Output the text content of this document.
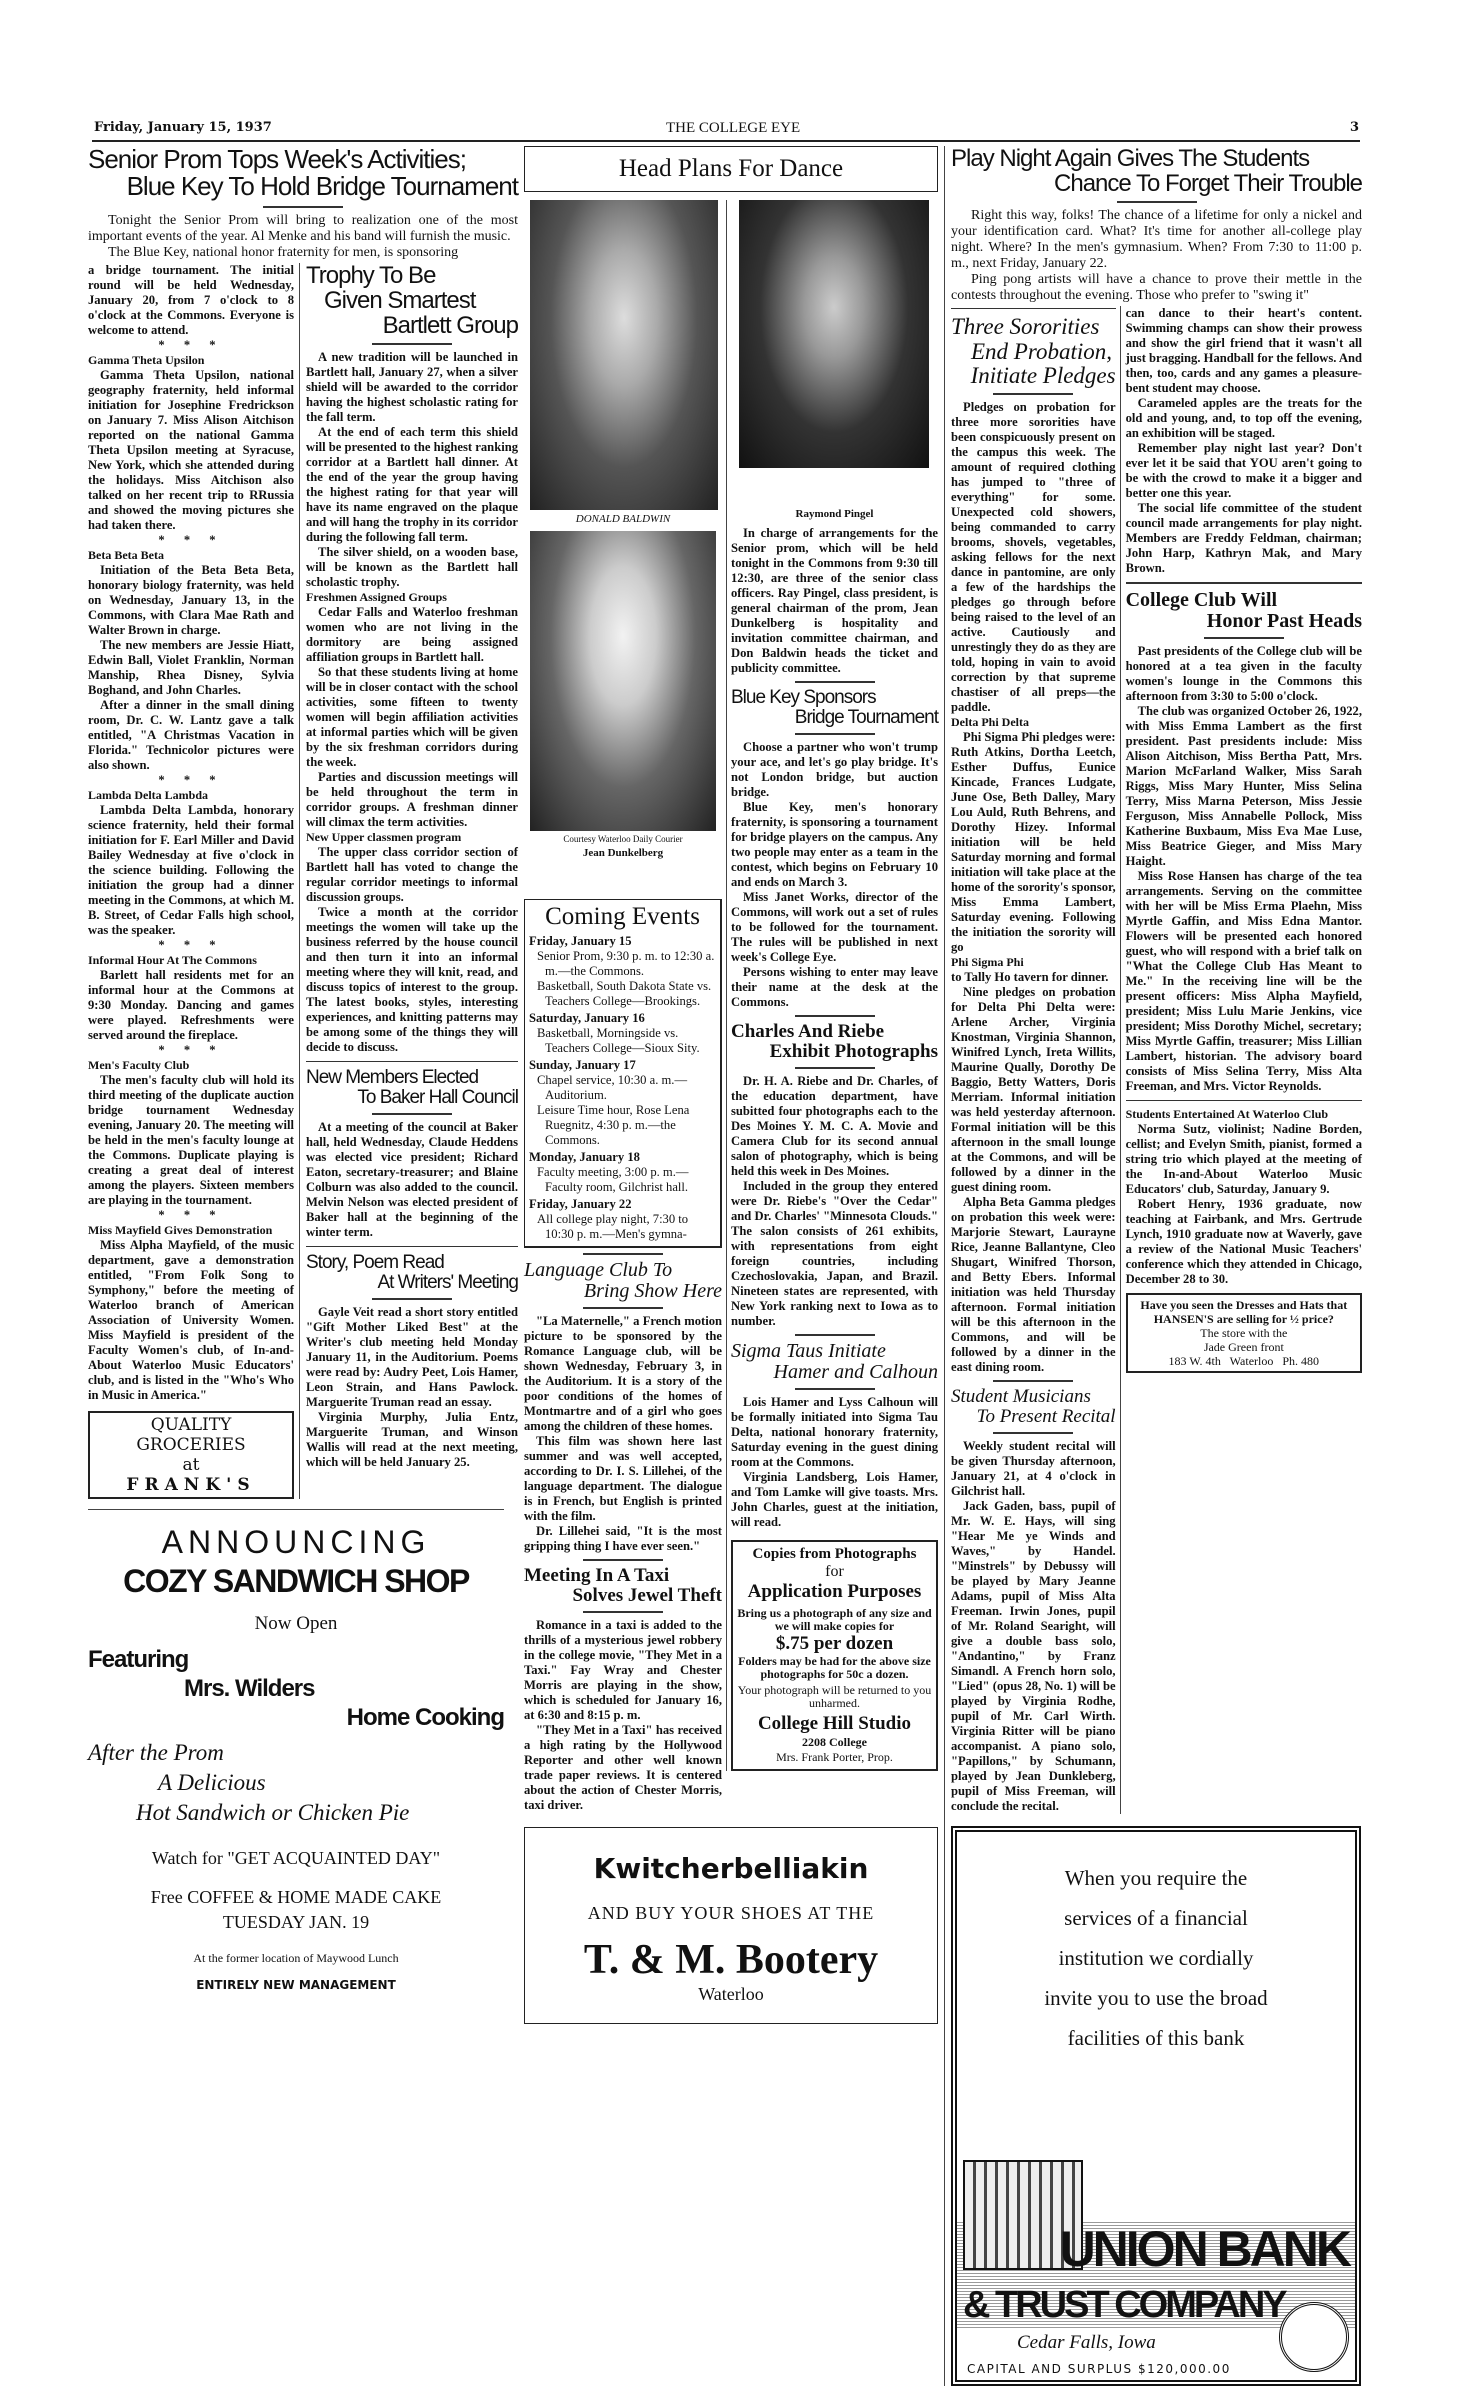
Friday, January 15, 1937	THE COLLEGE EYE	3
Senior Prom Tops Week's Activities;
Blue Key To Hold Bridge Tournament

Tonight the Senior Prom will bring to realization one of the most important events of the year. Al Menke and his band will furnish the music.

The Blue Key, national honor fraternity for men, is sponsoring

a bridge tournament. The initial round will be held Wednesday, January 20, from 7 o'clock to 8 o'clock at the Commons. Everyone is welcome to attend.

* * *

Gamma Theta Upsilon

Gamma Theta Upsilon, national geography fraternity, held informal initiation for Josephine Fredrickson on January 7. Miss Alison Aitchison reported on the national Gamma Theta Upsilon meeting at Syracuse, New York, which she attended during the holidays. Miss Aitchison also talked on her recent trip to RRussia and showed the moving pictures she had taken there.

* * *

Beta Beta Beta

Initiation of the Beta Beta Beta, honorary biology fraternity, was held on Wednesday, January 13, in the Commons, with Clara Mae Rath and Walter Brown in charge.

The new members are Jessie Hiatt, Edwin Ball, Violet Franklin, Norman Manship, Rhea Disney, Sylvia Boghand, and John Charles.

After a dinner in the small dining room, Dr. C. W. Lantz gave a talk entitled, "A Christmas Vacation in Florida." Technicolor pictures were also shown.

* * *

Lambda Delta Lambda

Lambda Delta Lambda, honorary science fraternity, held their formal initiation for F. Earl Miller and David Bailey Wednesday at five o'clock in the science building. Following the initiation the group had a dinner meeting in the Commons, at which M. B. Street, of Cedar Falls high school, was the speaker.

* * *

Informal Hour At The Commons

Barlett hall residents met for an informal hour at the Commons at 9:30 Monday. Dancing and games were played. Refreshments were served around the fireplace.

* * *

Men's Faculty Club

The men's faculty club will hold its third meeting of the duplicate auction bridge tournament Wednesday evening, January 20. The meeting will be held in the men's faculty lounge at the Commons. Duplicate playing is creating a great deal of interest among the players. Sixteen members are playing in the tournament.

* * *

Miss Mayfield Gives Demonstration

Miss Alpha Mayfield, of the music department, gave a demonstration entitled, "From Folk Song to Symphony," before the meeting of Waterloo branch of American Association of University Women. Miss Mayfield is president of the Faculty Women's club, of In-and-About Waterloo Music Educators' club, and is listed in the "Who's Who in Music in America."

QUALITY
GROCERIES
at
FRANK'S
Trophy To Be
Given Smartest
Bartlett Group

A new tradition will be launched in Bartlett hall, January 27, when a silver shield will be awarded to the corridor having the highest scholastic rating for the fall term.

At the end of each term this shield will be presented to the highest ranking corridor at a Bartlett hall dinner. At the end of the year the group having the highest rating for that year will have its name engraved on the plaque and will hang the trophy in its corridor during the following fall term.

The silver shield, on a wooden base, will be known as the Bartlett hall scholastic trophy.

Freshmen Assigned Groups

Cedar Falls and Waterloo freshman women who are not living in the dormitory are being assigned affiliation groups in Bartlett hall.

So that these students living at home will be in closer contact with the school activities, some fifteen to twenty women will begin affiliation activities at informal parties which will be given by the six freshman corridors during the week.

Parties and discussion meetings will be held throughout the term in corridor groups. A freshman dinner will climax the term activities.

New Upper classmen program

The upper class corridor section of Bartlett hall has voted to change the regular corridor meetings to informal discussion groups.

Twice a month at the corridor meetings the women will take up the business referred by the house council and then turn it into an informal meeting where they will knit, read, and discuss topics of interest to the group. The latest books, styles, interesting experiences, and knitting patterns may be among some of the things they will decide to discuss.

New Members Elected
To Baker Hall Council

At a meeting of the council at Baker hall, held Wednesday, Claude Heddens was elected vice president; Richard Eaton, secretary-treasurer; and Blaine Colburn was also added to the council. Melvin Nelson was elected president of Baker hall at the beginning of the winter term.

Story, Poem Read
At Writers' Meeting

Gayle Veit read a short story entitled "Gift Mother Liked Best" at the Writer's club meeting held Monday January 11, in the Auditorium. Poems were read by: Audry Peet, Lois Hamer, Leon Strain, and Hans Pawlock. Marguerite Truman read an essay.

Virginia Murphy, Julia Entz, Marguerite Truman, and Winson Wallis will read at the next meeting, which will be held January 25.

ANNOUNCING
COZY SANDWICH SHOP
Now Open
Featuring
Mrs. Wilders
Home Cooking
After the Prom
A Delicious
Hot Sandwich or Chicken Pie
Watch for "GET ACQUAINTED DAY"
Free COFFEE & HOME MADE CAKE
TUESDAY JAN. 19
At the former location of Maywood Lunch
ENTIRELY NEW MANAGEMENT
Head Plans For Dance
DONALD BALDWIN
Courtesy Waterloo Daily Courier
Jean Dunkelberg
Coming Events
Friday, January 15
Senior Prom, 9:30 p. m. to 12:30 a. m.—the Commons.
Basketball, South Dakota State vs. Teachers College—Brookings.
Saturday, January 16
Basketball, Morningside vs. Teachers College—Sioux Sity.
Sunday, January 17
Chapel service, 10:30 a. m.—Auditorium.
Leisure Time hour, Rose Lena Ruegnitz, 4:30 p. m.—the Commons.
Monday, January 18
Faculty meeting, 3:00 p. m.—Faculty room, Gilchrist hall.
Friday, January 22
All college play night, 7:30 to 10:30 p. m.—Men's gymna-
Language Club To
Bring Show Here

"La Maternelle," a French motion picture to be sponsored by the Romance Language club, will be shown Wednesday, February 3, in the Auditorium. It is a story of the poor conditions of the homes of Montmartre and of a girl who goes among the children of these homes.

This film was shown here last summer and was well accepted, according to Dr. I. S. Lillehei, of the language department. The dialogue is in French, but English is printed with the film.

Dr. Lillehei said, "It is the most gripping thing I have ever seen."

Meeting In A Taxi
Solves Jewel Theft

Romance in a taxi is added to the thrills of a mysterious jewel robbery in the college movie, "They Met in a Taxi." Fay Wray and Chester Morris are playing in the show, which is scheduled for January 16, at 6:30 and 8:15 p. m.

"They Met in a Taxi" has received a high rating by the Hollywood Reporter and other well known trade paper reviews. It is centered about the action of Chester Morris, taxi driver.

Raymond Pingel

In charge of arrangements for the Senior prom, which will be held tonight in the Commons from 9:30 till 12:30, are three of the senior class officers. Ray Pingel, class president, is general chairman of the prom, Jean Dunkelberg is hospitality and invitation committee chairman, and Don Baldwin heads the ticket and publicity committee.

Blue Key Sponsors
Bridge Tournament

Choose a partner who won't trump your ace, and let's go play bridge. It's not London bridge, but auction bridge.

Blue Key, men's honorary fraternity, is sponsoring a tournament for bridge players on the campus. Any two people may enter as a team in the contest, which begins on February 10 and ends on March 3.

Miss Janet Works, director of the Commons, will work out a set of rules to be followed for the tournament. The rules will be published in next week's College Eye.

Persons wishing to enter may leave their name at the desk at the Commons.

Charles And Riebe
Exhibit Photographs

Dr. H. A. Riebe and Dr. Charles, of the education department, have subitted four photographs each to the Des Moines Y. M. C. A. Movie and Camera Club for its second annual salon of photography, which is being held this week in Des Moines.

Included in the group they entered were Dr. Riebe's "Over the Cedar" and Dr. Charles' "Minnesota Clouds." The salon consists of 261 exhibits, with representations from eight foreign countries, including Czechoslovakia, Japan, and Brazil. Nineteen states are represented, with New York ranking next to Iowa as to number.

Sigma Taus Initiate
Hamer and Calhoun

Lois Hamer and Lyss Calhoun will be formally initiated into Sigma Tau Delta, national honorary fraternity, Saturday evening in the guest dining room at the Commons.

Virginia Landsberg, Lois Hamer, and Tom Lamke will give toasts. Mrs. John Charles, guest at the initiation, will read.

Copies from Photographs
for
Application Purposes
Bring us a photograph of any size and we will make copies for
$.75 per dozen
Folders may be had for the above size photographs for 50c a dozen.
Your photograph will be returned to you unharmed.
College Hill Studio
2208 College
Mrs. Frank Porter, Prop.
Kwitcherbelliakin
AND BUY YOUR SHOES AT THE
T. & M. Bootery
Waterloo
Play Night Again Gives The Students
Chance To Forget Their Trouble

Right this way, folks! The chance of a lifetime for only a nickel and your identification card. What? It's time for another all-college play night. Where? In the men's gymnasium. When? From 7:30 to 11:00 p. m., next Friday, January 22.

Ping pong artists will have a chance to prove their mettle in the contests throughout the evening. Those who prefer to "swing it"

Three Sororities
End Probation,
Initiate Pledges

Pledges on probation for three more sororities have been conspicuously present on the campus this week. The amount of required clothing has jumped to "three of everything" for some. Unexpected cold showers, being commanded to carry brooms, shovels, vegetables, asking fellows for the next dance in pantomine, are only a few of the hardships the pledges go through before being raised to the level of an active. Cautiously and unrestingly they do as they are told, hoping in vain to avoid correction by that supreme chastiser of all preps—the paddle.

Delta Phi Delta

Phi Sigma Phi pledges were: Ruth Atkins, Dortha Leetch, Esther Duffus, Eunice Kincade, Frances Ludgate, June Ose, Beth Dalley, Mary Lou Auld, Ruth Behrens, and Dorothy Hizey. Informal initiation will be held Saturday morning and formal initiation will take place at the home of the sorority's sponsor, Miss Emma Lambert, Saturday evening. Following the initiation the sorority will go

Phi Sigma Phi

to Tally Ho tavern for dinner.

Nine pledges on probation for Delta Phi Delta were: Arlene Archer, Virginia Knostman, Virginia Shannon, Winifred Lynch, Ireta Willits, Maurine Qually, Dorothy De Baggio, Betty Watters, Doris Merriam. Informal initiation was held yesterday afternoon. Formal initiation will be this afternoon in the small lounge at the Commons, and will be followed by a dinner in the guest dining room.

Alpha Beta Gamma pledges on probation this week were: Marjorie Stewart, Laurayne Rice, Jeanne Ballantyne, Cleo Shugart, Winifred Thorson, and Betty Ebers. Informal initiation was held Thursday afternoon. Formal initiation will be this afternoon in the Commons, and will be followed by a dinner in the east dining room.

Student Musicians
To Present Recital

Weekly student recital will be given Thursday afternoon, January 21, at 4 o'clock in Gilchrist hall.

Jack Gaden, bass, pupil of Mr. W. E. Hays, will sing "Hear Me ye Winds and Waves," by Handel. "Minstrels" by Debussy will be played by Mary Jeanne Adams, pupil of Miss Alta Freeman. Irwin Jones, pupil of Mr. Roland Searight, will give a double bass solo, "Andantino," by Franz Simandl. A French horn solo, "Lied" (opus 28, No. 1) will be played by Virginia Rodhe, pupil of Mr. Carl Wirth. Virginia Ritter will be piano accompanist. A piano solo, "Papillons," by Schumann, played by Jean Dunkleberg, pupil of Miss Freeman, will conclude the recital.

can dance to their heart's content. Swimming champs can show their prowess and show the girl friend that it wasn't all just bragging. Handball for the fellows. And then, too, cards and any games a pleasure-bent student may choose.

Carameled apples are the treats for the old and young, and, to top off the evening, an exhibition will be staged.

Remember play night last year? Don't ever let it be said that YOU aren't going to be with the crowd to make it a bigger and better one this year.

The social life committee of the student council made arrangements for play night. Members are Freddy Feldman, chairman; John Harp, Kathryn Mak, and Mary Brown.

College Club Will
Honor Past Heads

Past presidents of the College club will be honored at a tea given in the faculty women's lounge in the Commons this afternoon from 3:30 to 5:00 o'clock.

The club was organized October 26, 1922, with Miss Emma Lambert as the first president. Past presidents include: Miss Alison Aitchison, Miss Bertha Patt, Mrs. Marion McFarland Walker, Miss Sarah Riggs, Miss Mary Hunter, Miss Selina Terry, Miss Marna Peterson, Miss Jessie Ferguson, Miss Annabelle Pollock, Miss Katherine Buxbaum, Miss Eva Mae Luse, Miss Beatrice Gieger, and Miss Mary Haight.

Miss Rose Hansen has charge of the tea arrangements. Serving on the committee with her will be Miss Erma Plaehn, Miss Myrtle Gaffin, and Miss Edna Mantor. Flowers will be presented each honored guest, who will respond with a brief talk on "What the College Club Has Meant to Me." In the receiving line will be the present officers: Miss Alpha Mayfield, president; Miss Lulu Marie Jenkins, vice president; Miss Dorothy Michel, secretary; Miss Myrtle Gaffin, treasurer; Miss Lillian Lambert, historian. The advisory board consists of Miss Selina Terry, Miss Alta Freeman, and Mrs. Victor Reynolds.

Students Entertained At Waterloo Club

Norma Sutz, violinist; Nadine Borden, cellist; and Evelyn Smith, pianist, formed a string trio which played at the meeting of the In-and-About Waterloo Music Educators' club, Saturday, January 9.

Robert Henry, 1936 graduate, now teaching at Fairbank, and Mrs. Gertrude Lynch, 1910 graduate now at Waverly, gave a review of the National Music Teachers' conference which they attended in Chicago, December 28 to 30.

Have you seen the Dresses and Hats that HANSEN'S are selling for ½ price?
The store with the
Jade Green front
183 W. 4th   Waterloo   Ph. 480
When you require the
services of a financial
institution we cordially
invite you to use the broad
facilities of this bank
UNION BANK
& TRUST COMPANY
Cedar Falls, Iowa
CAPITAL AND SURPLUS $120,000.00
